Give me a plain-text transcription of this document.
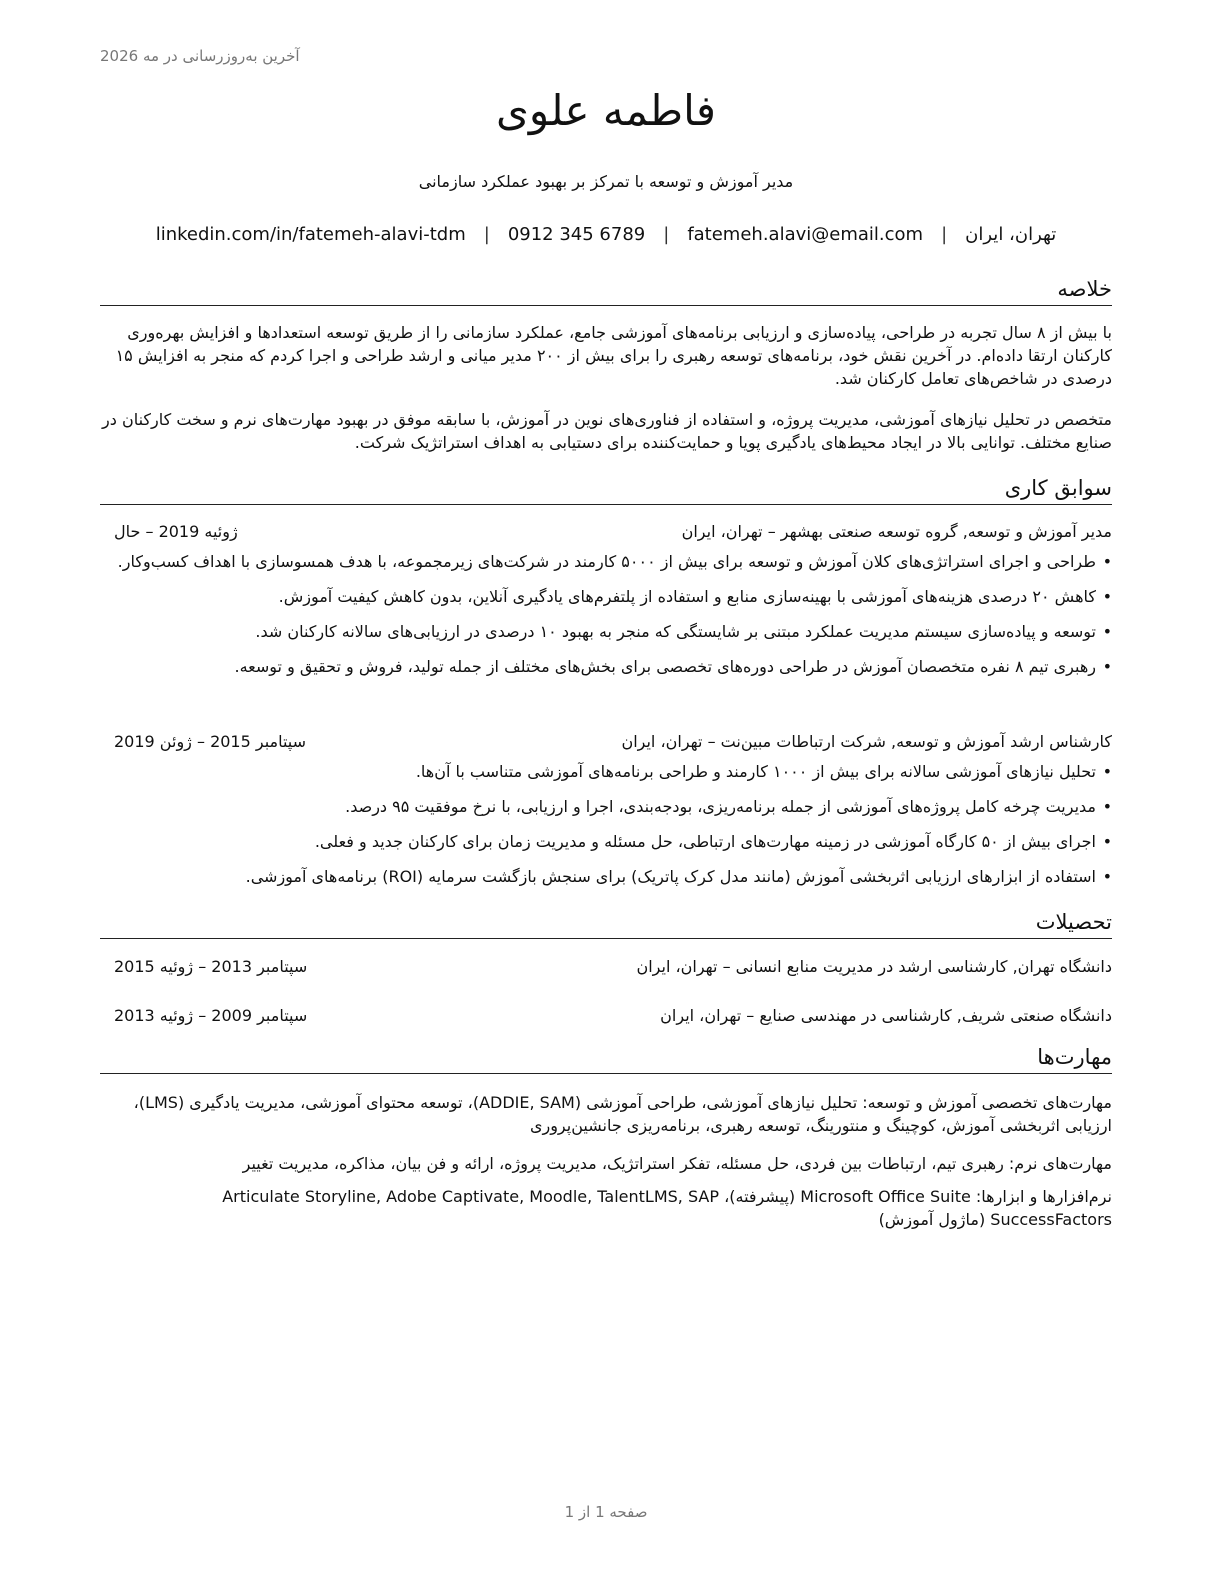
آخرین به‌روزرسانی در مه 2026
فاطمه علوی
مدیر آموزش و توسعه با تمرکز بر بهبود عملکرد سازمانی
تهران، ایران
|
fatemeh.alavi@email.com
|
0912 345 6789
|
linkedin.com/in/fatemeh-alavi-tdm
خلاصه
با بیش از ۸ سال تجربه در طراحی، پیاده‌سازی و ارزیابی برنامه‌های آموزشی جامع، عملکرد سازمانی را از طریق توسعه استعدادها و افزایش بهره‌وری کارکنان ارتقا داده‌ام. در آخرین نقش خود، برنامه‌های توسعه رهبری را برای بیش از ۲۰۰ مدیر میانی و ارشد طراحی و اجرا کردم که منجر به افزایش ۱۵ درصدی در شاخص‌های تعامل کارکنان شد.
متخصص در تحلیل نیازهای آموزشی، مدیریت پروژه، و استفاده از فناوری‌های نوین در آموزش، با سابقه موفق در بهبود مهارت‌های نرم و سخت کارکنان در صنایع مختلف. توانایی بالا در ایجاد محیط‌های یادگیری پویا و حمایت‌کننده برای دستیابی به اهداف استراتژیک شرکت.
سوابق کاری
مدیر آموزش و توسعه, گروه توسعه صنعتی بهشهر – تهران، ایران
ژوئیه 2019 – حال
• طراحی و اجرای استراتژی‌های کلان آموزش و توسعه برای بیش از ۵۰۰۰ کارمند در شرکت‌های زیرمجموعه، با هدف همسوسازی با اهداف کسب‌وکار.
• کاهش ۲۰ درصدی هزینه‌های آموزشی با بهینه‌سازی منابع و استفاده از پلتفرم‌های یادگیری آنلاین، بدون کاهش کیفیت آموزش.
• توسعه و پیاده‌سازی سیستم مدیریت عملکرد مبتنی بر شایستگی که منجر به بهبود ۱۰ درصدی در ارزیابی‌های سالانه کارکنان شد.
• رهبری تیم ۸ نفره متخصصان آموزش در طراحی دوره‌های تخصصی برای بخش‌های مختلف از جمله تولید، فروش و تحقیق و توسعه.
کارشناس ارشد آموزش و توسعه, شرکت ارتباطات مبین‌نت – تهران، ایران
سپتامبر 2015 – ژوئن 2019
• تحلیل نیازهای آموزشی سالانه برای بیش از ۱۰۰۰ کارمند و طراحی برنامه‌های آموزشی متناسب با آن‌ها.
• مدیریت چرخه کامل پروژه‌های آموزشی از جمله برنامه‌ریزی، بودجه‌بندی، اجرا و ارزیابی، با نرخ موفقیت ۹۵ درصد.
• اجرای بیش از ۵۰ کارگاه آموزشی در زمینه مهارت‌های ارتباطی، حل مسئله و مدیریت زمان برای کارکنان جدید و فعلی.
• استفاده از ابزارهای ارزیابی اثربخشی آموزش (مانند مدل کرک پاتریک) برای سنجش بازگشت سرمایه (ROI) برنامه‌های آموزشی.
تحصیلات
دانشگاه تهران, کارشناسی ارشد در مدیریت منابع انسانی – تهران، ایران
سپتامبر 2013 – ژوئیه 2015
دانشگاه صنعتی شریف, کارشناسی در مهندسی صنایع – تهران، ایران
سپتامبر 2009 – ژوئیه 2013
مهارت‌ها
مهارت‌های تخصصی آموزش و توسعه: تحلیل نیازهای آموزشی، طراحی آموزشی (ADDIE, SAM)، توسعه محتوای آموزشی، مدیریت یادگیری (LMS)، ارزیابی اثربخشی آموزش، کوچینگ و منتورینگ، توسعه رهبری، برنامه‌ریزی جانشین‌پروری
مهارت‌های نرم: رهبری تیم، ارتباطات بین فردی، حل مسئله، تفکر استراتژیک، مدیریت پروژه، ارائه و فن بیان، مذاکره، مدیریت تغییر
نرم‌افزارها و ابزارها: Microsoft Office Suite (پیشرفته)، Articulate Storyline, Adobe Captivate, Moodle, TalentLMS, SAP SuccessFactors (ماژول آموزش)
صفحه 1 از 1
